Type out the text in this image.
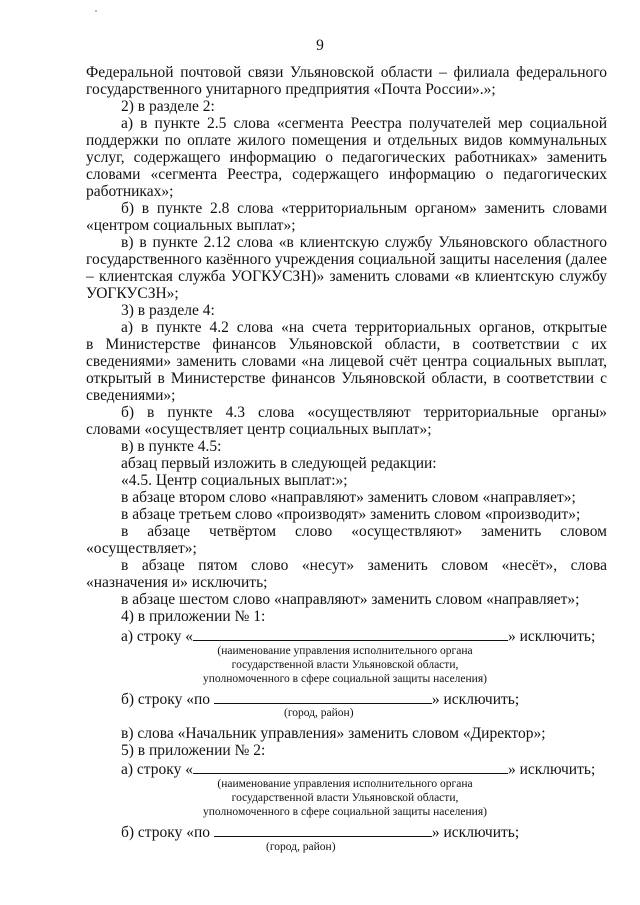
9
Федеральной почтовой связи Ульяновской области – филиала федерального
государственного унитарного предприятия «Почта России».»;
2) в разделе 2:
а) в пункте 2.5 слова «сегмента Реестра получателей мер социальной
поддержки по оплате жилого помещения и отдельных видов коммунальных
услуг, содержащего информацию о педагогических работниках» заменить
словами «сегмента Реестра, содержащего информацию о педагогических
работниках»;
б) в пункте 2.8 слова «территориальным органом» заменить словами
«центром социальных выплат»;
в) в пункте 2.12 слова «в клиентскую службу Ульяновского областного
государственного казённого учреждения социальной защиты населения (далее
– клиентская служба УОГКУСЗН)» заменить словами «в клиентскую службу
УОГКУСЗН»;
3) в разделе 4:
а) в пункте 4.2 слова «на счета территориальных органов, открытые
в Министерстве финансов Ульяновской области, в соответствии с их
сведениями» заменить словами «на лицевой счёт центра социальных выплат,
открытый в Министерстве финансов Ульяновской области, в соответствии с
сведениями»;
б) в пункте 4.3 слова «осуществляют территориальные органы»
словами «осуществляет центр социальных выплат»;
в) в пункте 4.5:
абзац первый изложить в следующей редакции:
«4.5. Центр социальных выплат:»;
в абзаце втором слово «направляют» заменить словом «направляет»;
в абзаце третьем слово «производят» заменить словом «производит»;
в абзаце четвёртом слово «осуществляют» заменить словом
«осуществляет»;
в абзаце пятом слово «несут» заменить словом «несёт», слова
«назначения и» исключить;
в абзаце шестом слово «направляют» заменить словом «направляет»;
4) в приложении № 1:
а) строку «	» исключить;
(наименование управления исполнительного органа
государственной власти Ульяновской области,
уполномоченного в сфере социальной защиты населения)
б) строку «по	» исключить;
(город, район)
в) слова «Начальник управления» заменить словом «Директор»;
5) в приложении № 2:
а) строку «	» исключить;
(наименование управления исполнительного органа
государственной власти Ульяновской области,
уполномоченного в сфере социальной защиты населения)
б) строку «по	» исключить;
(город, район)
